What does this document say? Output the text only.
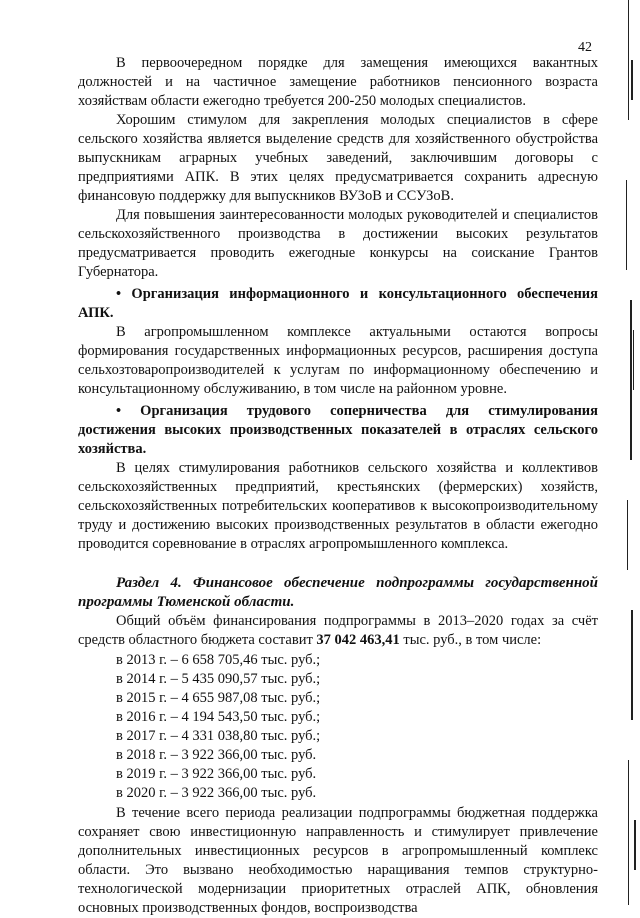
42

В первоочередном порядке для замещения имеющихся вакантных должностей и на частичное замещение работников пенсионного возраста хозяйствам области ежегодно требуется 200-250 молодых специалистов.

Хорошим стимулом для закрепления молодых специалистов в сфере сельского хозяйства является выделение средств для хозяйственного обустройства выпускникам аграрных учебных заведений, заключившим договоры с предприятиями АПК. В этих целях предусматривается сохранить адресную финансовую поддержку для выпускников ВУЗоВ и ССУЗоВ.

Для повышения заинтересованности молодых руководителей и специалистов сельскохозяйственного производства в достижении высоких результатов предусматривается проводить ежегодные конкурсы на соискание Грантов Губернатора.

• Организация информационного и консультационного обеспечения АПК.

В агропромышленном комплексе актуальными остаются вопросы формирования государственных информационных ресурсов, расширения доступа сельхозтоваропроизводителей к услугам по информационному обеспечению и консультационному обслуживанию, в том числе на районном уровне.

• Организация трудового соперничества для стимулирования достижения высоких производственных показателей в отраслях сельского хозяйства.

В целях стимулирования работников сельского хозяйства и коллективов сельскохозяйственных предприятий, крестьянских (фермерских) хозяйств, сельскохозяйственных потребительских кооперативов к высокопроизводительному труду и достижению высоких производственных результатов в области ежегодно проводится соревнование в отраслях агропромышленного комплекса.

Раздел 4. Финансовое обеспечение подпрограммы государственной программы Тюменской области.

Общий объём финансирования подпрограммы в 2013–2020 годах за счёт средств областного бюджета составит 37 042 463,41 тыс. руб., в том числе:

в 2013 г. – 6 658 705,46 тыс. руб.;
в 2014 г. – 5 435 090,57 тыс. руб.;
в 2015 г. – 4 655 987,08 тыс. руб.;
в 2016 г. – 4 194 543,50 тыс. руб.;
в 2017 г. – 4 331 038,80 тыс. руб.;
в 2018 г. – 3 922 366,00 тыс. руб.
в 2019 г. – 3 922 366,00 тыс. руб.
в 2020 г. – 3 922 366,00 тыс. руб.

В течение всего периода реализации подпрограммы бюджетная поддержка сохраняет свою инвестиционную направленность и стимулирует привлечение дополнительных инвестиционных ресурсов в агропромышленный комплекс области. Это вызвано необходимостью наращивания темпов структурно-технологической модернизации приоритетных отраслей АПК, обновления основных производственных фондов, воспроизводства
